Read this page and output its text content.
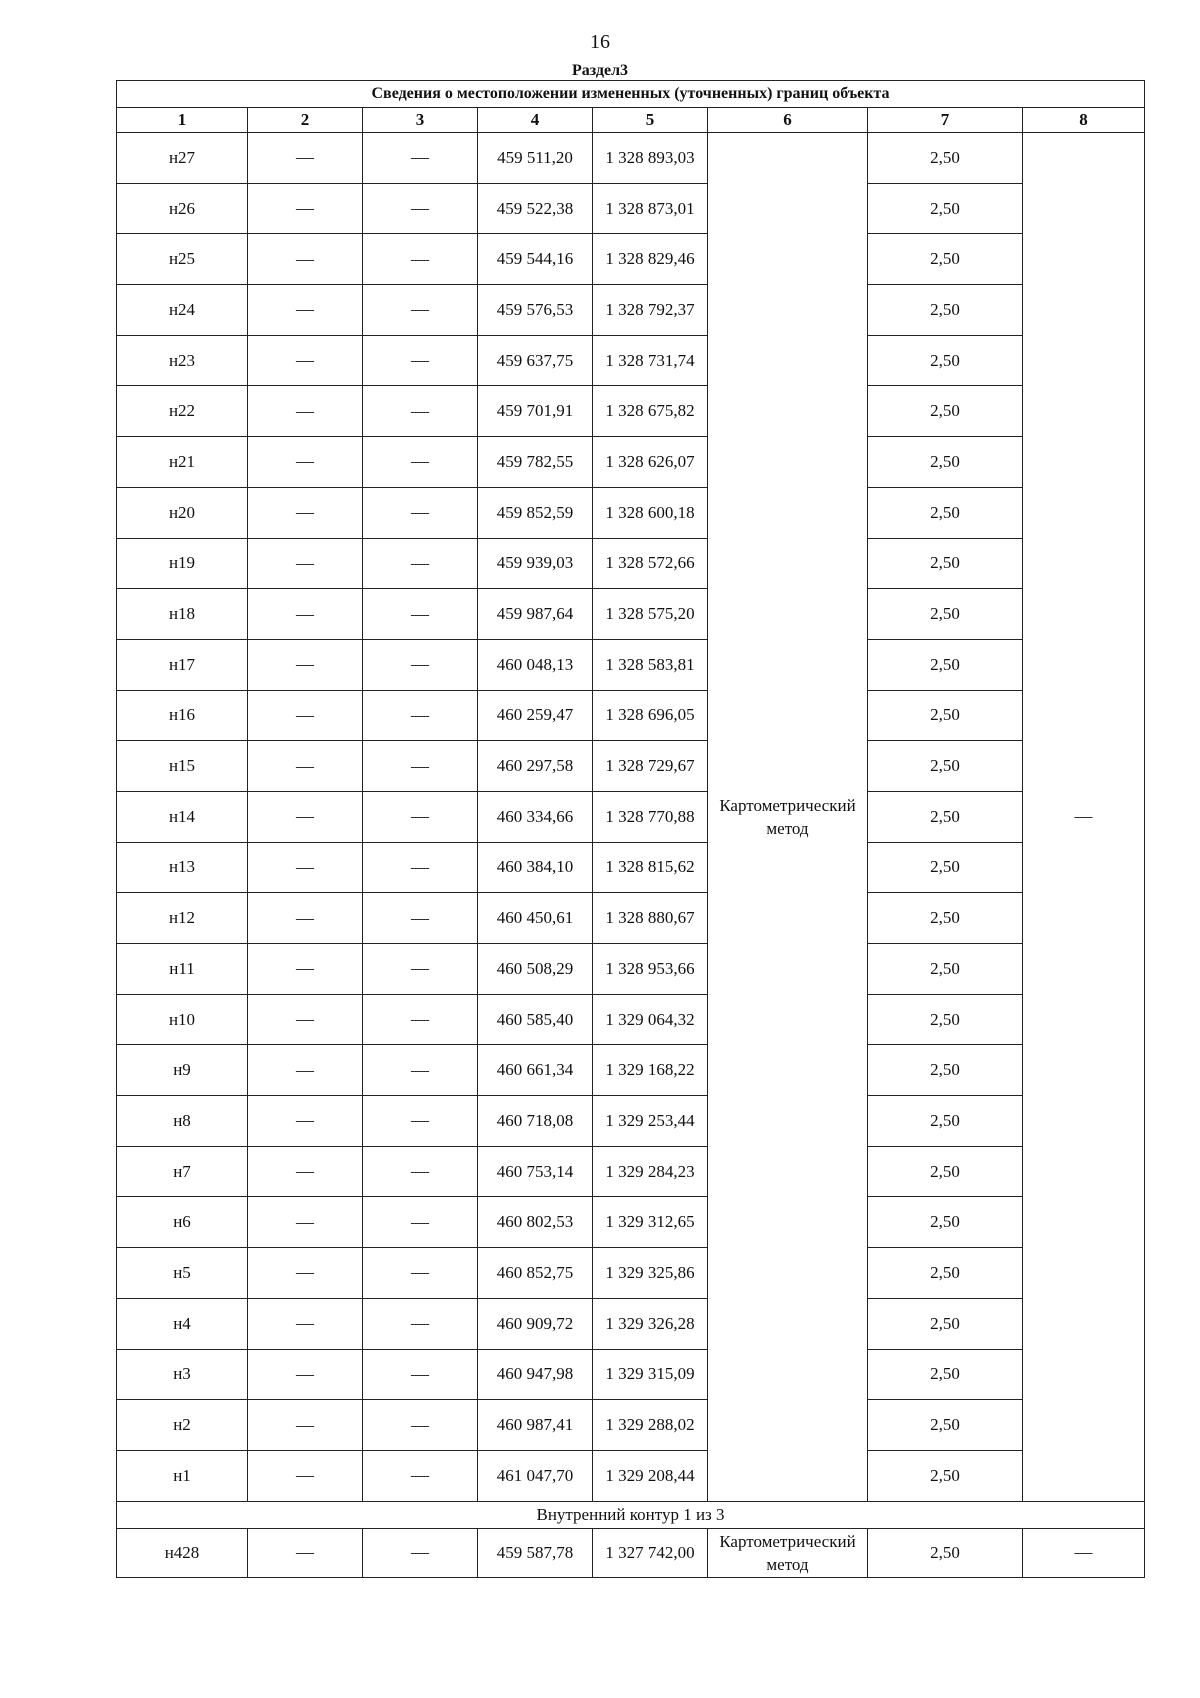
16
Раздел3
Сведения о местоположении измененных (уточненных) границ объекта							
1	2	3	4	5	6	7	8
н27	—	—	459 511,20	1 328 893,03	Картометрический метод	2,50	—
н26	—	—	459 522,38	1 328 873,01		2,50	
н25	—	—	459 544,16	1 328 829,46		2,50	
н24	—	—	459 576,53	1 328 792,37		2,50	
н23	—	—	459 637,75	1 328 731,74		2,50	
н22	—	—	459 701,91	1 328 675,82		2,50	
н21	—	—	459 782,55	1 328 626,07		2,50	
н20	—	—	459 852,59	1 328 600,18		2,50	
н19	—	—	459 939,03	1 328 572,66		2,50	
н18	—	—	459 987,64	1 328 575,20		2,50	
н17	—	—	460 048,13	1 328 583,81		2,50	
н16	—	—	460 259,47	1 328 696,05		2,50	
н15	—	—	460 297,58	1 328 729,67		2,50	
н14	—	—	460 334,66	1 328 770,88		2,50	
н13	—	—	460 384,10	1 328 815,62		2,50	
н12	—	—	460 450,61	1 328 880,67		2,50	
н11	—	—	460 508,29	1 328 953,66		2,50	
н10	—	—	460 585,40	1 329 064,32		2,50	
н9	—	—	460 661,34	1 329 168,22		2,50	
н8	—	—	460 718,08	1 329 253,44		2,50	
н7	—	—	460 753,14	1 329 284,23		2,50	
н6	—	—	460 802,53	1 329 312,65		2,50	
н5	—	—	460 852,75	1 329 325,86		2,50	
н4	—	—	460 909,72	1 329 326,28		2,50	
н3	—	—	460 947,98	1 329 315,09		2,50	
н2	—	—	460 987,41	1 329 288,02		2,50	
н1	—	—	461 047,70	1 329 208,44		2,50	
Внутренний контур 1 из 3							
н428	—	—	459 587,78	1 327 742,00	Картометрический метод	2,50	—
